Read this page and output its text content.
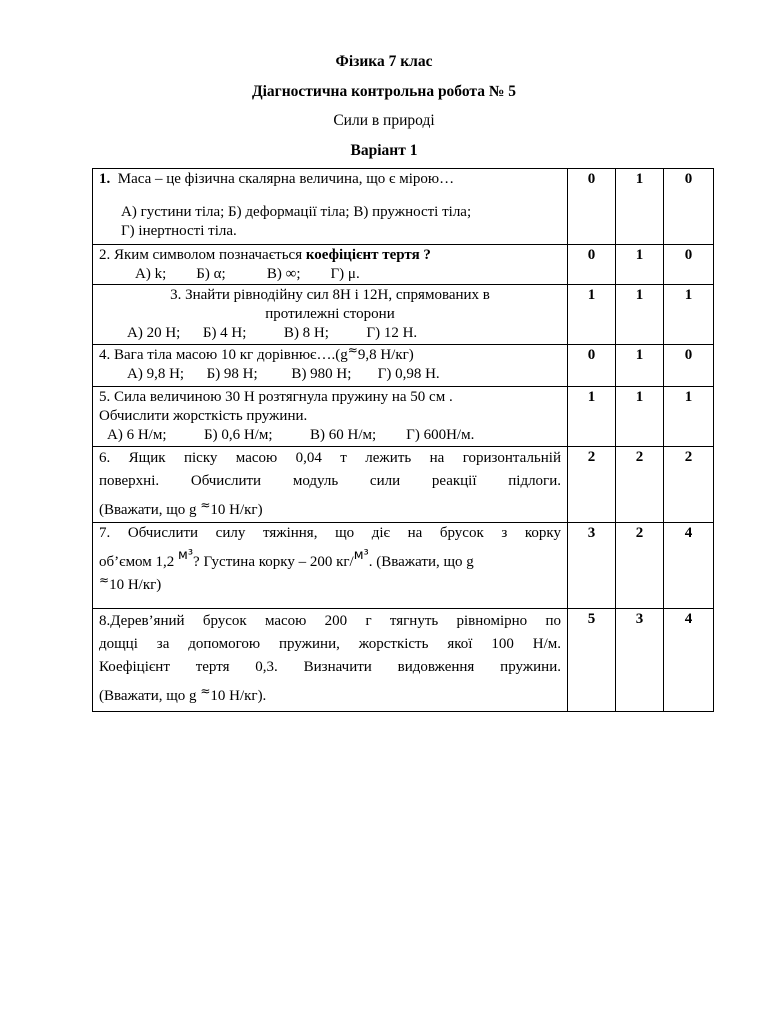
Фізика 7 клас
Діагностична контрольна робота № 5
Сили в природі
Варіант 1
1. Маса – це фізична скалярна величина, що є мірою…
А) густини тіла; Б) деформації тіла; В) пружності тіла;
Г) інертності тіла.	0	1	0

2. Яким символом позначається коефіцієнт тертя ?
А) k;        Б) α;           В) ∞;        Г) μ.	0	1	0

3. Знайти рівнодійну сил 8Н і 12Н, спрямованих в
протилежні сторони
А) 20 Н;      Б) 4 Н;          В) 8 Н;          Г) 12 Н.	1	1	1

4. Вага тіла масою 10 кг дорівнює….(g≈9,8 Н/кг)
А) 9,8 Н;      Б) 98 Н;         В) 980 Н;       Г) 0,98 Н.	0	1	0

5. Сила величиною 30 Н розтягнула пружину на 50 см .
Обчислити жорсткість пружини.
А) 6 Н/м;          Б) 0,6 Н/м;          В) 60 Н/м;        Г) 600Н/м.	1	1	1

6. Ящик піску масою 0,04 т лежить на горизонтальній
поверхні. Обчислити модуль сили реакції підлоги.
(Вважати, що g ≈10 Н/кг)	2	2	2

7. Обчислити силу тяжіння, що діє на брусок з корку
об’ємом 1,2 м³? Густина корку – 200 кг/м³. (Вважати, що g
≈10 Н/кг)	3	2	4

8.Дерев’яний брусок масою 200 г тягнуть рівномірно по
дощці за допомогою пружини, жорсткість якої 100 Н/м.
Коефіцієнт тертя 0,3. Визначити видовження пружини.
(Вважати, що g ≈10 Н/кг).	5	3	4
